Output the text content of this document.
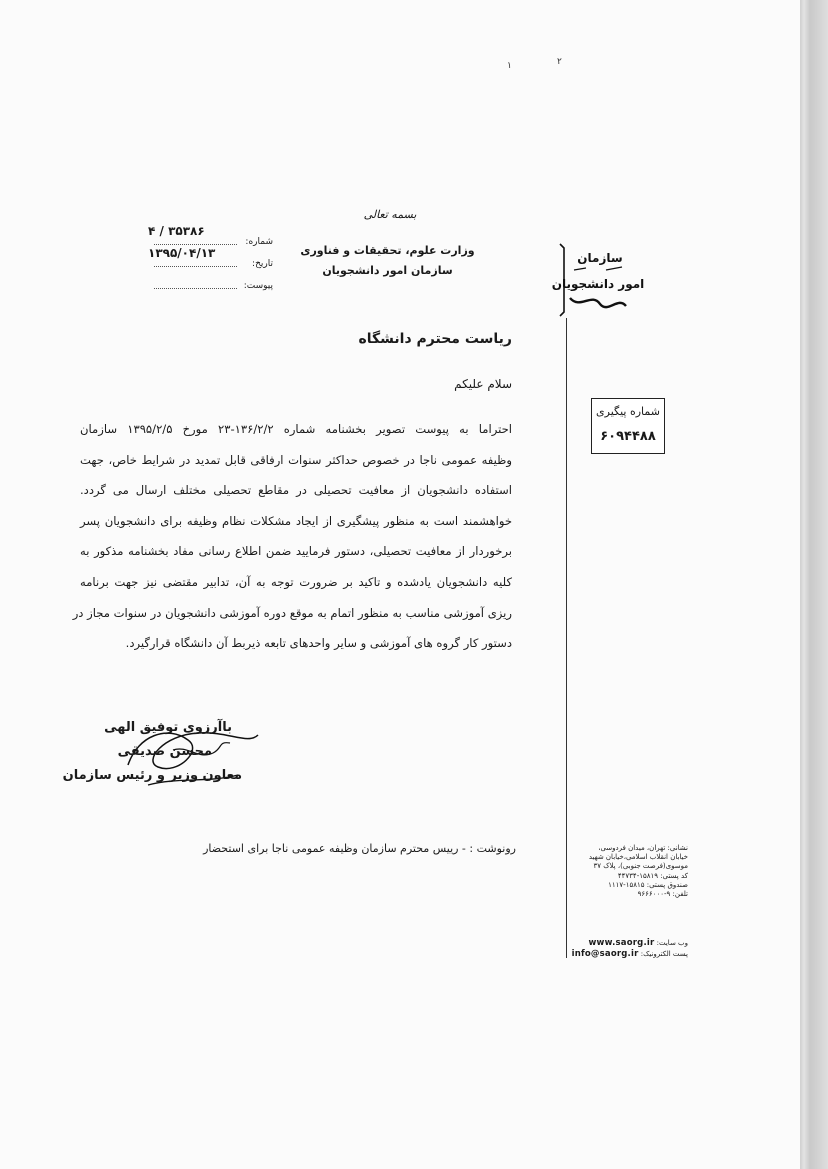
۱	۲
بسمه تعالی
وزارت علوم، تحقیقات و فناوری
سازمان امور دانشجویان
۴ / ۳۵۳۸۶
شماره:
۱۳۹۵/۰۴/۱۳
تاریخ:
پیوست:
سازمان
امور دانشجویان
شماره پیگیری
۶۰۹۴۴۸۸
ریاست محترم دانشگاه
سلام علیکم
احتراما به پیوست تصویر بخشنامه شماره ۱۳۶/۲/۲-۲۳ مورخ ۱۳۹۵/۲/۵ سازمان
وظیفه عمومی ناجا در خصوص حداکثر سنوات ارفاقی قابل تمدید در شرایط خاص، جهت
استفاده دانشجویان از معافیت تحصیلی در مقاطع تحصیلی مختلف ارسال می گردد.
خواهشمند است به منظور پیشگیری از ایجاد مشکلات نظام وظیفه برای دانشجویان پسر
برخوردار از معافیت تحصیلی، دستور فرمایید ضمن اطلاع رسانی مفاد بخشنامه مذکور به
کلیه دانشجویان یادشده و تاکید بر ضرورت توجه به آن، تدابیر مقتضی نیز جهت برنامه
ریزی آموزشی مناسب به منظور اتمام به موقع دوره آموزشی دانشجویان در سنوات مجاز در
دستور کار گروه های آموزشی و سایر واحدهای تابعه ذیربط آن دانشگاه قرارگیرد.
باآرزوی توفیق الهی
محسن صدیقی
معاون وزیر و رئیس سازمان
رونوشت : - رییس محترم سازمان وظیفه عمومی ناجا برای استحضار	نشانی: تهران، میدان فردوسی،
خیابان انقلاب اسلامی،خیابان شهید
موسوی(فرصت جنوبی)، پلاک ۳۷
کد پستی: ۱۵۸۱۹-۴۴۷۳۴
صندوق پستی: ۱۵۸۱۵-۱۱۱۷
تلفن: ۹-۹۶۶۶۰۰۰
وب سایت: www.saorg.ir
پست الکترونیک: info@saorg.ir
